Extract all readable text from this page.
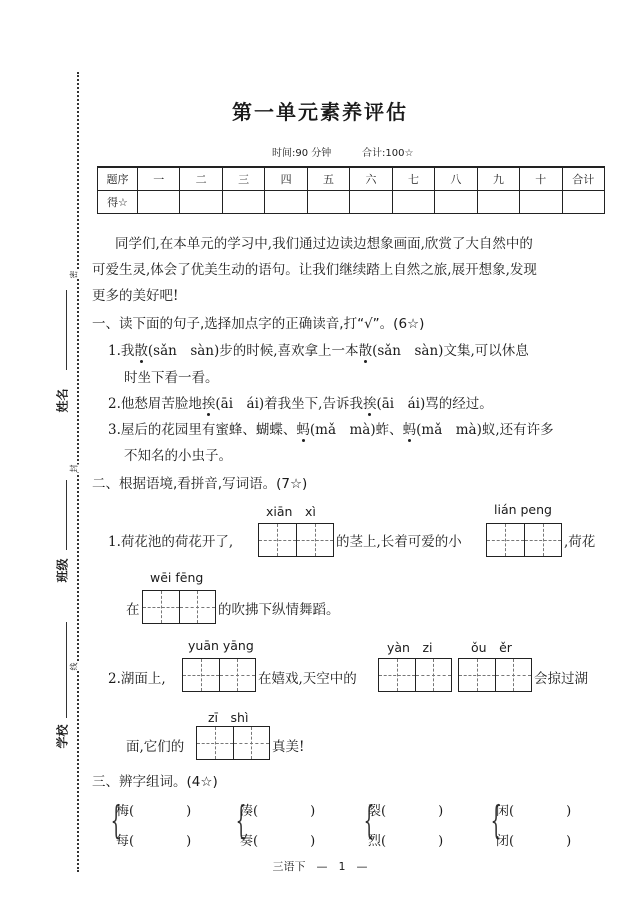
密
封
线
姓名
班级
学校
第一单元素养评估
时间:90 分钟	合计:100☆
题序	一	二	三	四	五	六	七	八	九	十	合计
得☆											
同学们,在本单元的学习中,我们通过边读边想象画面,欣赏了大自然中的
可爱生灵,体会了优美生动的语句。让我们继续踏上自然之旅,展开想象,发现
更多的美好吧!
一、读下面的句子,选择加点字的正确读音,打“√”。(6☆)
1.我散(sǎn　sàn)步的时候,喜欢拿上一本散(sǎn　sàn)文集,可以休息
时坐下看一看。
2.他愁眉苦脸地挨(āi　ái)着我坐下,告诉我挨(āi　ái)骂的经过。
3.屋后的花园里有蜜蜂、蝴蝶、蚂(mǎ　mà)蚱、蚂(mǎ　mà)蚁,还有许多
不知名的小虫子。
二、根据语境,看拼音,写词语。(7☆)
xiān　xì	lián peng
1.荷花池的荷花开了,	的茎上,长着可爱的小	,荷花
wēi fēng
在	的吹拂下纵情舞蹈。
yuān yāng	yàn　zi	ǒu　ěr
2.湖面上,	在嬉戏,天空中的	会掠过湖
zī　shì
面,它们的	真美!
三、辨字组词。(4☆)
{
梅(　　　　)
每(　　　　) {
凑(　　　　)
奏(　　　　) {
裂(　　　　)
烈(　　　　) {
闲(　　　　)
闭(　　　　)
三语下　—　1　—
